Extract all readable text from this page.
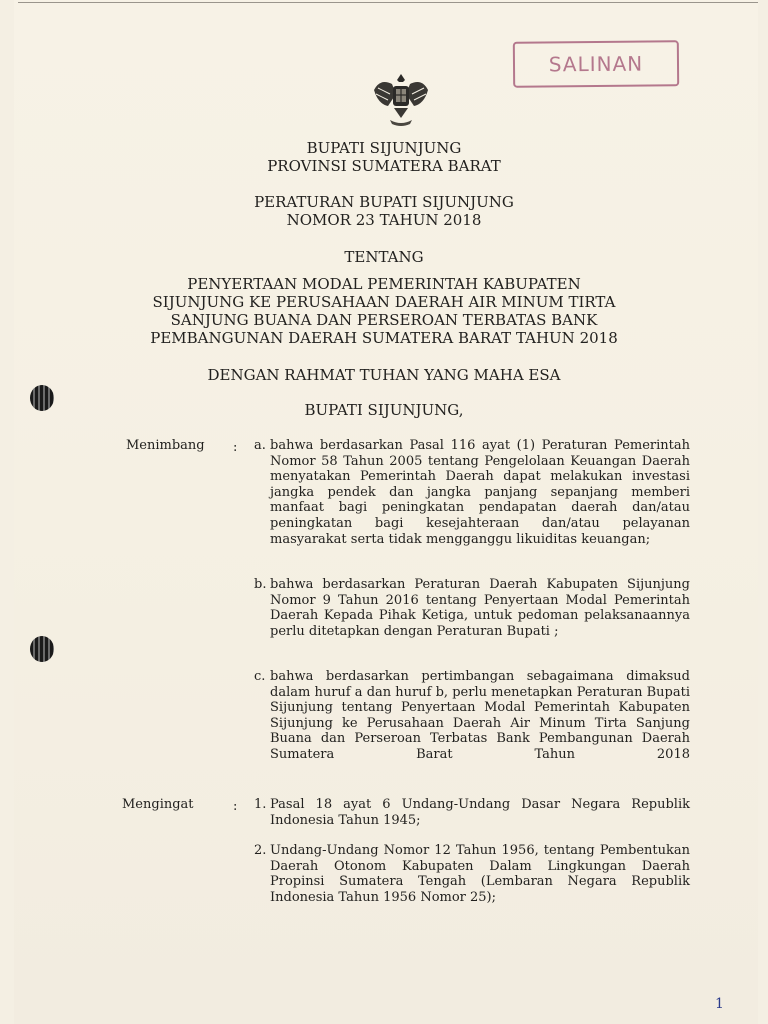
SALINAN
BUPATI SIJUNJUNG
PROVINSI SUMATERA BARAT
PERATURAN BUPATI SIJUNJUNG
NOMOR 23 TAHUN 2018
TENTANG
PENYERTAAN MODAL PEMERINTAH KABUPATEN
SIJUNJUNG KE PERUSAHAAN DAERAH AIR MINUM TIRTA
SANJUNG BUANA DAN PERSEROAN TERBATAS BANK
PEMBANGUNAN DAERAH SUMATERA BARAT TAHUN 2018
DENGAN RAHMAT TUHAN YANG MAHA ESA
BUPATI SIJUNJUNG,
Menimbang : a. bahwa berdasarkan Pasal 116 ayat (1) Peraturan Pemerintah Nomor 58 Tahun 2005 tentang Pengelolaan Keuangan Daerah menyatakan Pemerintah Daerah dapat melakukan investasi jangka pendek dan jangka panjang sepanjang memberi manfaat bagi peningkatan pendapatan daerah dan/atau peningkatan bagi kesejahteraan dan/atau pelayanan masyarakat serta tidak mengganggu likuiditas keuangan;
b. bahwa berdasarkan Peraturan Daerah Kabupaten Sijunjung Nomor 9 Tahun 2016 tentang Penyertaan Modal Pemerintah Daerah Kepada Pihak Ketiga, untuk pedoman pelaksanaannya perlu ditetapkan dengan Peraturan Bupati ;
c. bahwa berdasarkan pertimbangan sebagaimana dimaksud dalam huruf a dan huruf b, perlu menetapkan Peraturan Bupati Sijunjung tentang Penyertaan Modal Pemerintah Kabupaten Sijunjung ke Perusahaan Daerah Air Minum Tirta Sanjung Buana dan Perseroan Terbatas Bank Pembangunan Daerah Sumatera Barat Tahun 2018
Mengingat	: 1. Pasal 18 ayat 6 Undang-Undang Dasar Negara Republik Indonesia Tahun 1945;
2. Undang-Undang Nomor 12 Tahun 1956, tentang Pembentukan Daerah Otonom Kabupaten Dalam Lingkungan Daerah Propinsi Sumatera Tengah (Lembaran Negara Republik Indonesia Tahun 1956 Nomor 25);
1
